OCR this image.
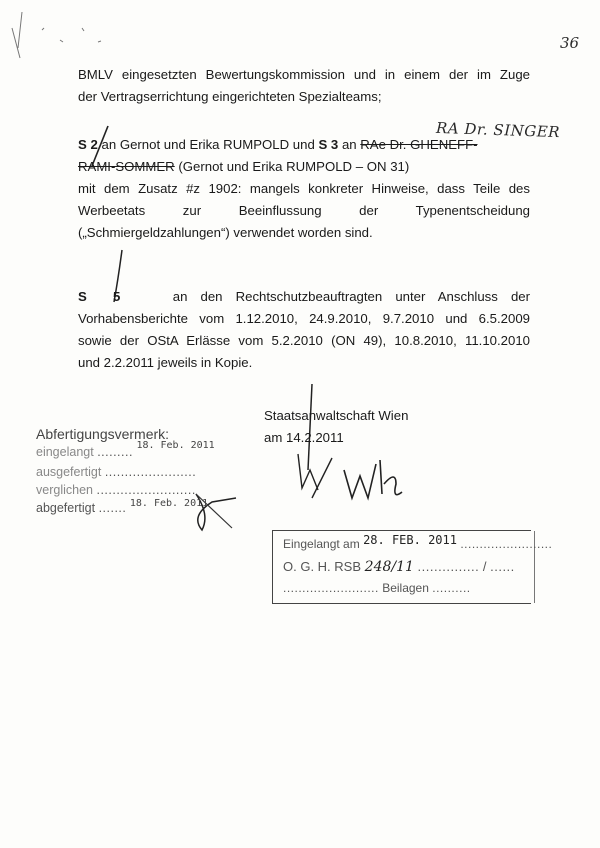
36
BMLV eingesetzten Bewertungskommission und in einem der im Zuge
der Vertragserrichtung eingerichteten Spezialteams;
RA Dr. SINGER
S 2 an Gernot und Erika RUMPOLD und S 3 an RAe Dr. GHENEFF-
RAMI-SOMMER (Gernot und Erika RUMPOLD – ON 31)
mit dem Zusatz #z 1902: mangels konkreter Hinweise, dass Teile des
Werbeetats zur Beeinflussung der Typenentscheidung
(„Schmiergeldzahlungen“) verwendet worden sind.
S 5	an den Rechtschutzbeauftragten unter Anschluss der
Vorhabensberichte vom 1.12.2010, 24.9.2010, 9.7.2010 und 6.5.2009
sowie der OStA Erlässe vom 5.2.2010 (ON 49), 10.8.2010, 11.10.2010
und 2.2.2011 jeweils in Kopie.
Abfertigungsvermerk:
eingelangt ......... $^{18. Feb. 2011}$
ausgefertigt .......................
verglichen .........................
abgefertigt ....... $^{18. Feb. 2011}$
Staatsanwaltschaft Wien
am 14.2.2011
Eingelangt am 28. FEB. 2011 ........................
O. G. H. RSB 248/11 ............... / ......
......................... Beilagen ..........
